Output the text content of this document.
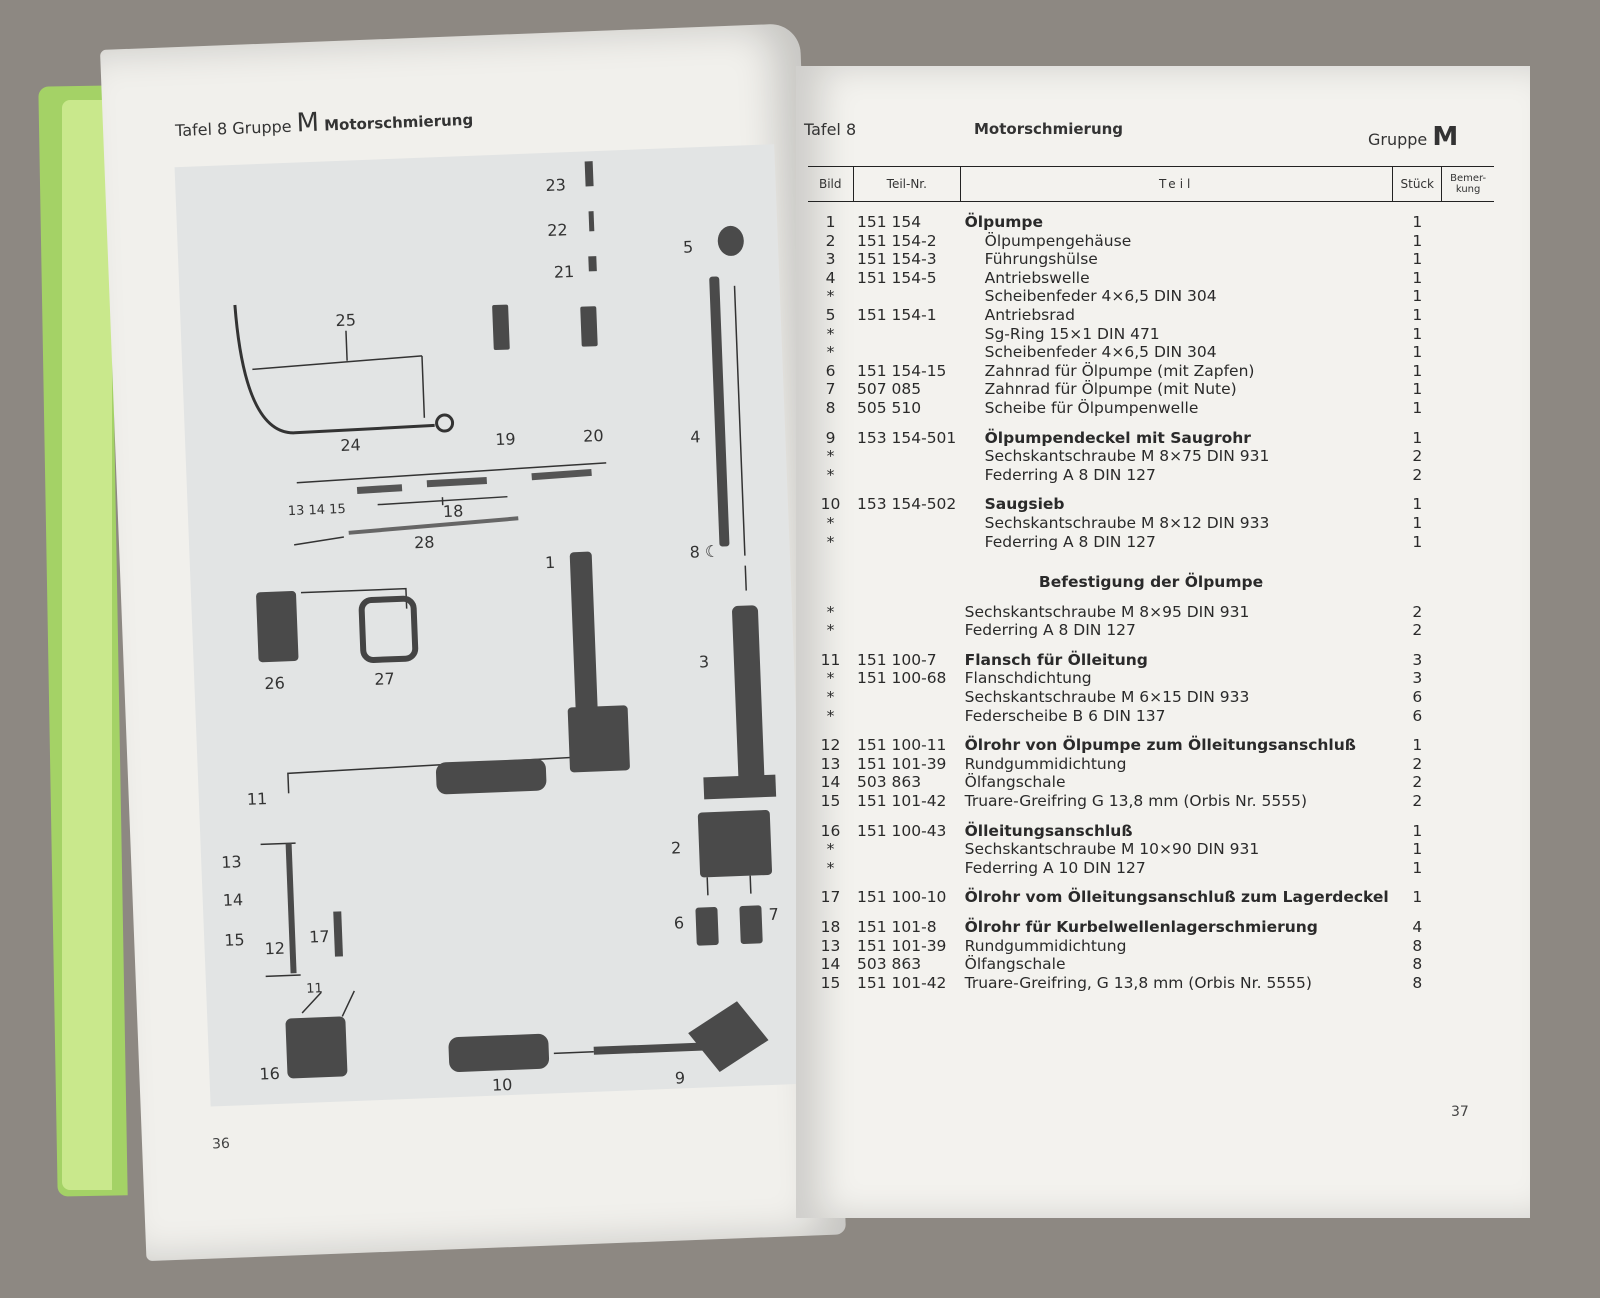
Tafel 8 Gruppe M Motorschmierung
1
2
3
4
5
6	7
8 ☾
9
10
11
12
13
14
15
16
17
18
19	20
21
22
23
24
25
26	27
28
13 14 15
11
36
Tafel 8	Motorschmierung
Gruppe M
Bild	Teil-Nr.	Teil	Stück	Bemer- kung

1	151 154	Ölpumpe	1	
2	151 154-2	Ölpumpengehäuse	1	
3	151 154-3	Führungshülse	1	
4	151 154-5	Antriebswelle	1	
*		Scheibenfeder 4×6,5 DIN 304	1	
5	151 154-1	Antriebsrad	1	
*		Sg-Ring 15×1 DIN 471	1	
*		Scheibenfeder 4×6,5 DIN 304	1	
6	151 154-15	Zahnrad für Ölpumpe (mit Zapfen)	1	
7	507 085	Zahnrad für Ölpumpe (mit Nute)	1	
8	505 510	Scheibe für Ölpumpenwelle	1	

9	153 154-501	Ölpumpendeckel mit Saugrohr	1	
*		Sechskantschraube M 8×75 DIN 931	2	
*		Federring A 8 DIN 127	2	

10	153 154-502	Saugsieb	1	
*		Sechskantschraube M 8×12 DIN 933	1	
*		Federring A 8 DIN 127	1	

Befestigung der Ölpumpe				

*		Sechskantschraube M 8×95 DIN 931	2	
*		Federring A 8 DIN 127	2	

11	151 100-7	Flansch für Ölleitung	3	
*	151 100-68	Flanschdichtung	3	
*		Sechskantschraube M 6×15 DIN 933	6	
*		Federscheibe B 6 DIN 137	6	

12	151 100-11	Ölrohr von Ölpumpe zum Ölleitungsanschluß	1	
13	151 101-39	Rundgummidichtung	2	
14	503 863	Ölfangschale	2	
15	151 101-42	Truare-Greifring G 13,8 mm (Orbis Nr. 5555)	2	

16	151 100-43	Ölleitungsanschluß	1	
*		Sechskantschraube M 10×90 DIN 931	1	
*		Federring A 10 DIN 127	1	

17	151 100-10	Ölrohr vom Ölleitungsanschluß zum Lagerdeckel	1	

18	151 101-8	Ölrohr für Kurbelwellenlagerschmierung	4	
13	151 101-39	Rundgummidichtung	8	
14	503 863	Ölfangschale	8	
15	151 101-42	Truare-Greifring, G 13,8 mm (Orbis Nr. 5555)	8	
37
